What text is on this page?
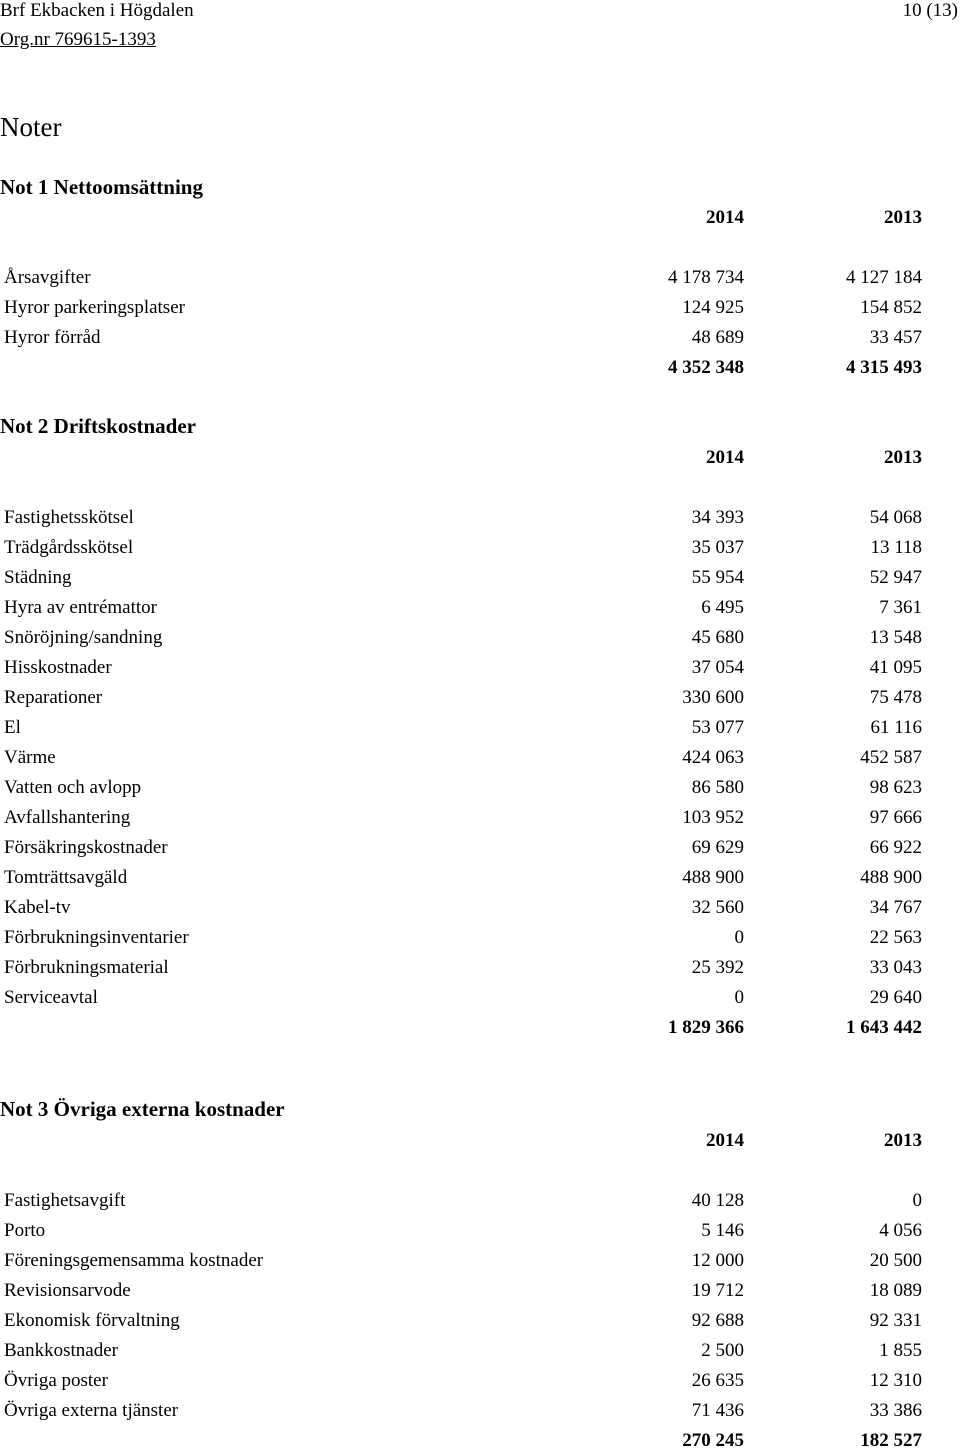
Brf Ekbacken i Högdalen
Org.nr 769615-1393
10 (13)
Noter
Not 1 Nettoomsättning
2014	2013
Årsavgifter	4 178 734	4 127 184
Hyror parkeringsplatser	124 925	154 852
Hyror förråd	48 689	33 457
4 352 348	4 315 493
Not 2 Driftskostnader
2014	2013
Fastighetsskötsel	34 393	54 068
Trädgårdsskötsel	35 037	13 118
Städning	55 954	52 947
Hyra av entrémattor	6 495	7 361
Snöröjning/sandning	45 680	13 548
Hisskostnader	37 054	41 095
Reparationer	330 600	75 478
El	53 077	61 116
Värme	424 063	452 587
Vatten och avlopp	86 580	98 623
Avfallshantering	103 952	97 666
Försäkringskostnader	69 629	66 922
Tomträttsavgäld	488 900	488 900
Kabel-tv	32 560	34 767
Förbrukningsinventarier	0	22 563
Förbrukningsmaterial	25 392	33 043
Serviceavtal	0	29 640
1 829 366	1 643 442
Not 3 Övriga externa kostnader
2014	2013
Fastighetsavgift	40 128	0
Porto	5 146	4 056
Föreningsgemensamma kostnader	12 000	20 500
Revisionsarvode	19 712	18 089
Ekonomisk förvaltning	92 688	92 331
Bankkostnader	2 500	1 855
Övriga poster	26 635	12 310
Övriga externa tjänster	71 436	33 386
270 245	182 527
